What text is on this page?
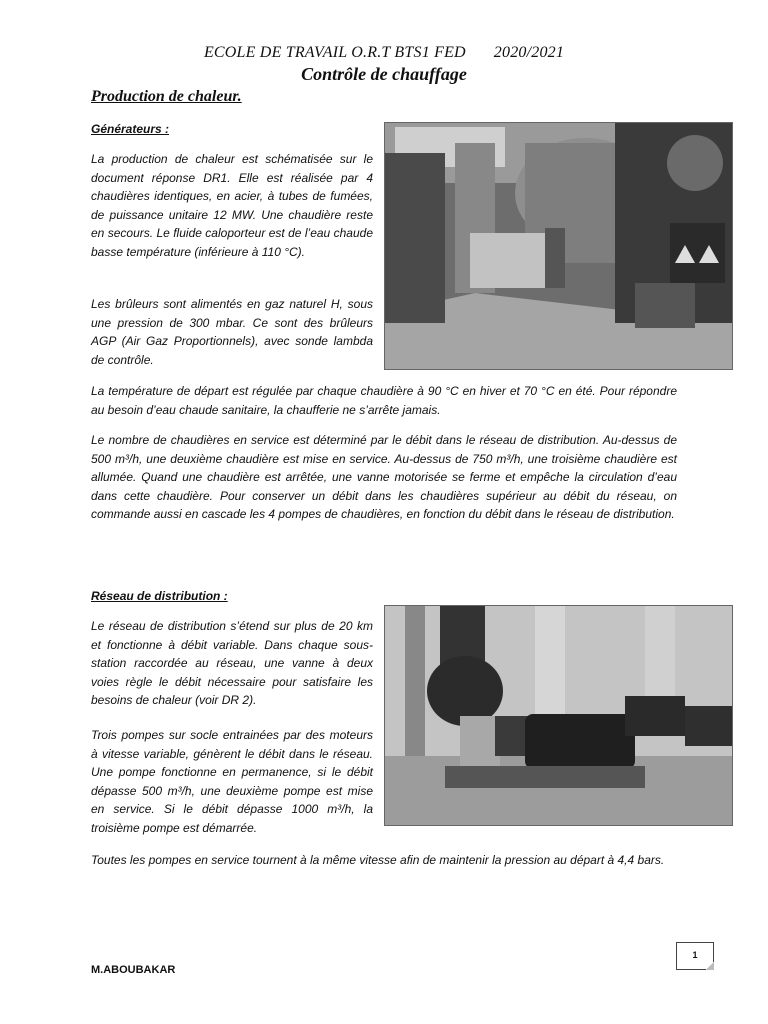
ECOLE DE TRAVAIL O.R.T BTS1 FED 2020/2021
Contrôle de chauffage
Production de chaleur.
Générateurs :

La production de chaleur est schématisée sur le document réponse DR1. Elle est réalisée par 4 chaudières identiques, en acier, à tubes de fumées, de puissance unitaire 12 MW. Une chaudière reste en secours. Le fluide caloporteur est de l’eau chaude basse température (inférieure à 110 °C).

Les brûleurs sont alimentés en gaz naturel H, sous une pression de 300 mbar. Ce sont des brûleurs AGP (Air Gaz Proportionnels), avec sonde lambda de contrôle.

La température de départ est régulée par chaque chaudière à 90 °C en hiver et 70 °C en été. Pour répondre au besoin d’eau chaude sanitaire, la chaufferie ne s’arrête jamais.

Le nombre de chaudières en service est déterminé par le débit dans le réseau de distribution. Au-dessus de 500 m³/h, une deuxième chaudière est mise en service. Au-dessus de 750 m³/h, une troisième chaudière est allumée. Quand une chaudière est arrêtée, une vanne motorisée se ferme et empêche la circulation d’eau dans cette chaudière. Pour conserver un débit dans les chaudières supérieur au débit du réseau, on commande aussi en cascade les 4 pompes de chaudières, en fonction du débit dans le réseau de distribution.

Réseau de distribution :

Le réseau de distribution s’étend sur plus de 20 km et fonctionne à débit variable. Dans chaque sous-station raccordée au réseau, une vanne à deux voies règle le débit nécessaire pour satisfaire les besoins de chaleur (voir DR 2).

Trois pompes sur socle entrainées par des moteurs à vitesse variable, génèrent le débit dans le réseau. Une pompe fonctionne en permanence, si le débit dépasse 500 m³/h, une deuxième pompe est mise en service. Si le débit dépasse 1000 m³/h, la troisième pompe est démarrée.

Toutes les pompes en service tournent à la même vitesse afin de maintenir la pression au départ à 4,4 bars.

1
M.ABOUBAKAR
